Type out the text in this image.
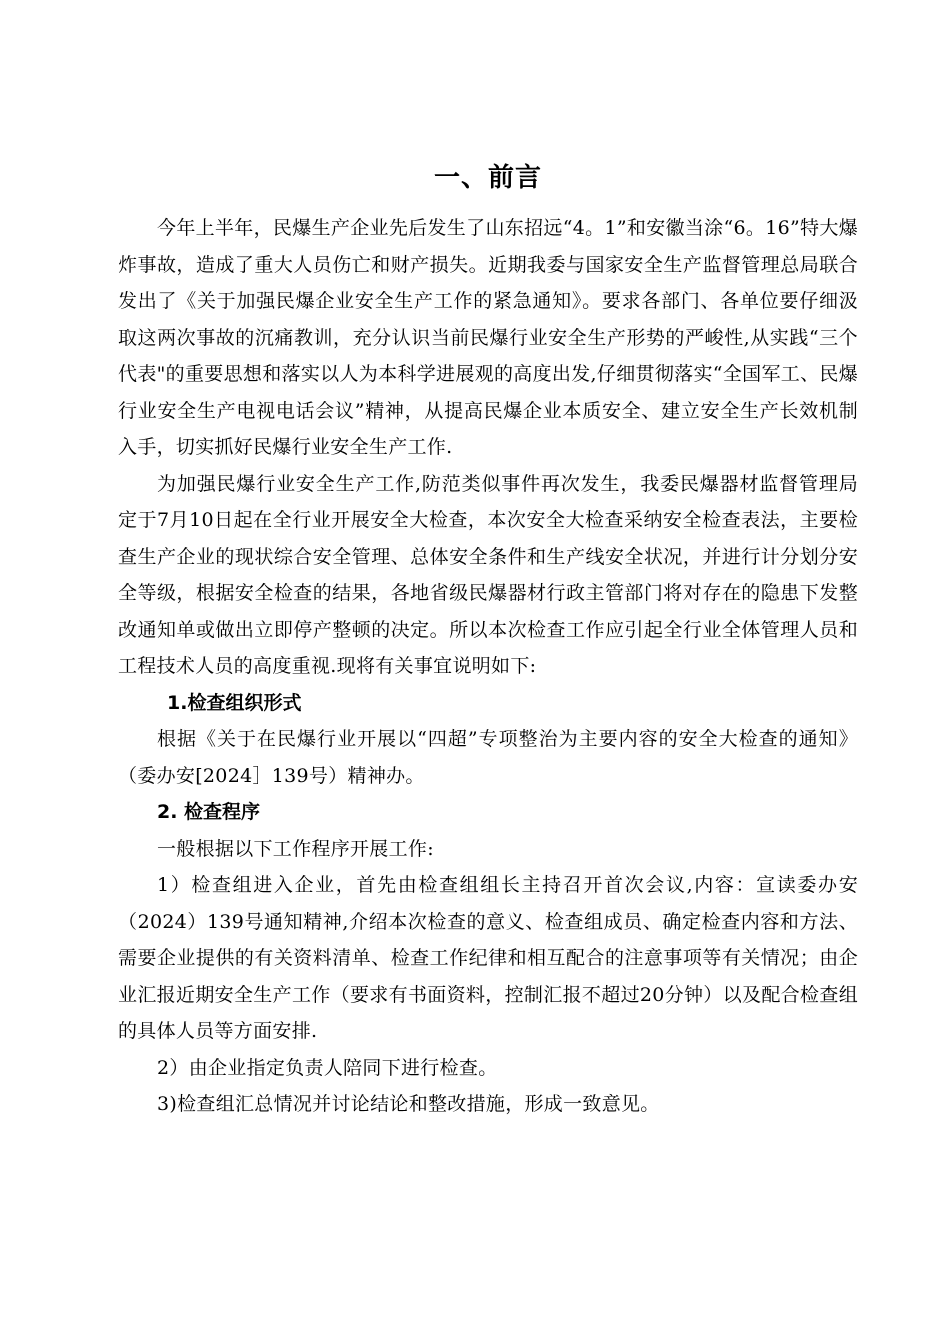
一、前言

今年上半年，民爆生产企业先后发生了山东招远“4。1”和安徽当涂“6。16”特大爆炸事故，造成了重大人员伤亡和财产损失。近期我委与国家安全生产监督管理总局联合发出了《关于加强民爆企业安全生产工作的紧急通知》。要求各部门、各单位要仔细汲取这两次事故的沉痛教训，充分认识当前民爆行业安全生产形势的严峻性,从实践“三个代表"的重要思想和落实以人为本科学进展观的高度出发,仔细贯彻落实“全国军工、民爆行业安全生产电视电话会议”精神，从提高民爆企业本质安全、建立安全生产长效机制入手，切实抓好民爆行业安全生产工作.

为加强民爆行业安全生产工作,防范类似事件再次发生，我委民爆器材监督管理局定于7月10日起在全行业开展安全大检查，本次安全大检查采纳安全检查表法，主要检查生产企业的现状综合安全管理、总体安全条件和生产线安全状况，并进行计分划分安全等级，根据安全检查的结果，各地省级民爆器材行政主管部门将对存在的隐患下发整改通知单或做出立即停产整顿的决定。所以本次检查工作应引起全行业全体管理人员和工程技术人员的高度重视.现将有关事宜说明如下:

1.检查组织形式

根据《关于在民爆行业开展以“四超”专项整治为主要内容的安全大检查的通知》（委办安[2024］139号）精神办。

2. 检查程序

一般根据以下工作程序开展工作:

1）检查组进入企业，首先由检查组组长主持召开首次会议,内容：宣读委办安（2024）139号通知精神,介绍本次检查的意义、检查组成员、确定检查内容和方法、需要企业提供的有关资料清单、检查工作纪律和相互配合的注意事项等有关情况；由企业汇报近期安全生产工作（要求有书面资料，控制汇报不超过20分钟）以及配合检查组的具体人员等方面安排.

2）由企业指定负责人陪同下进行检查。

3)检查组汇总情况并讨论结论和整改措施，形成一致意见。
